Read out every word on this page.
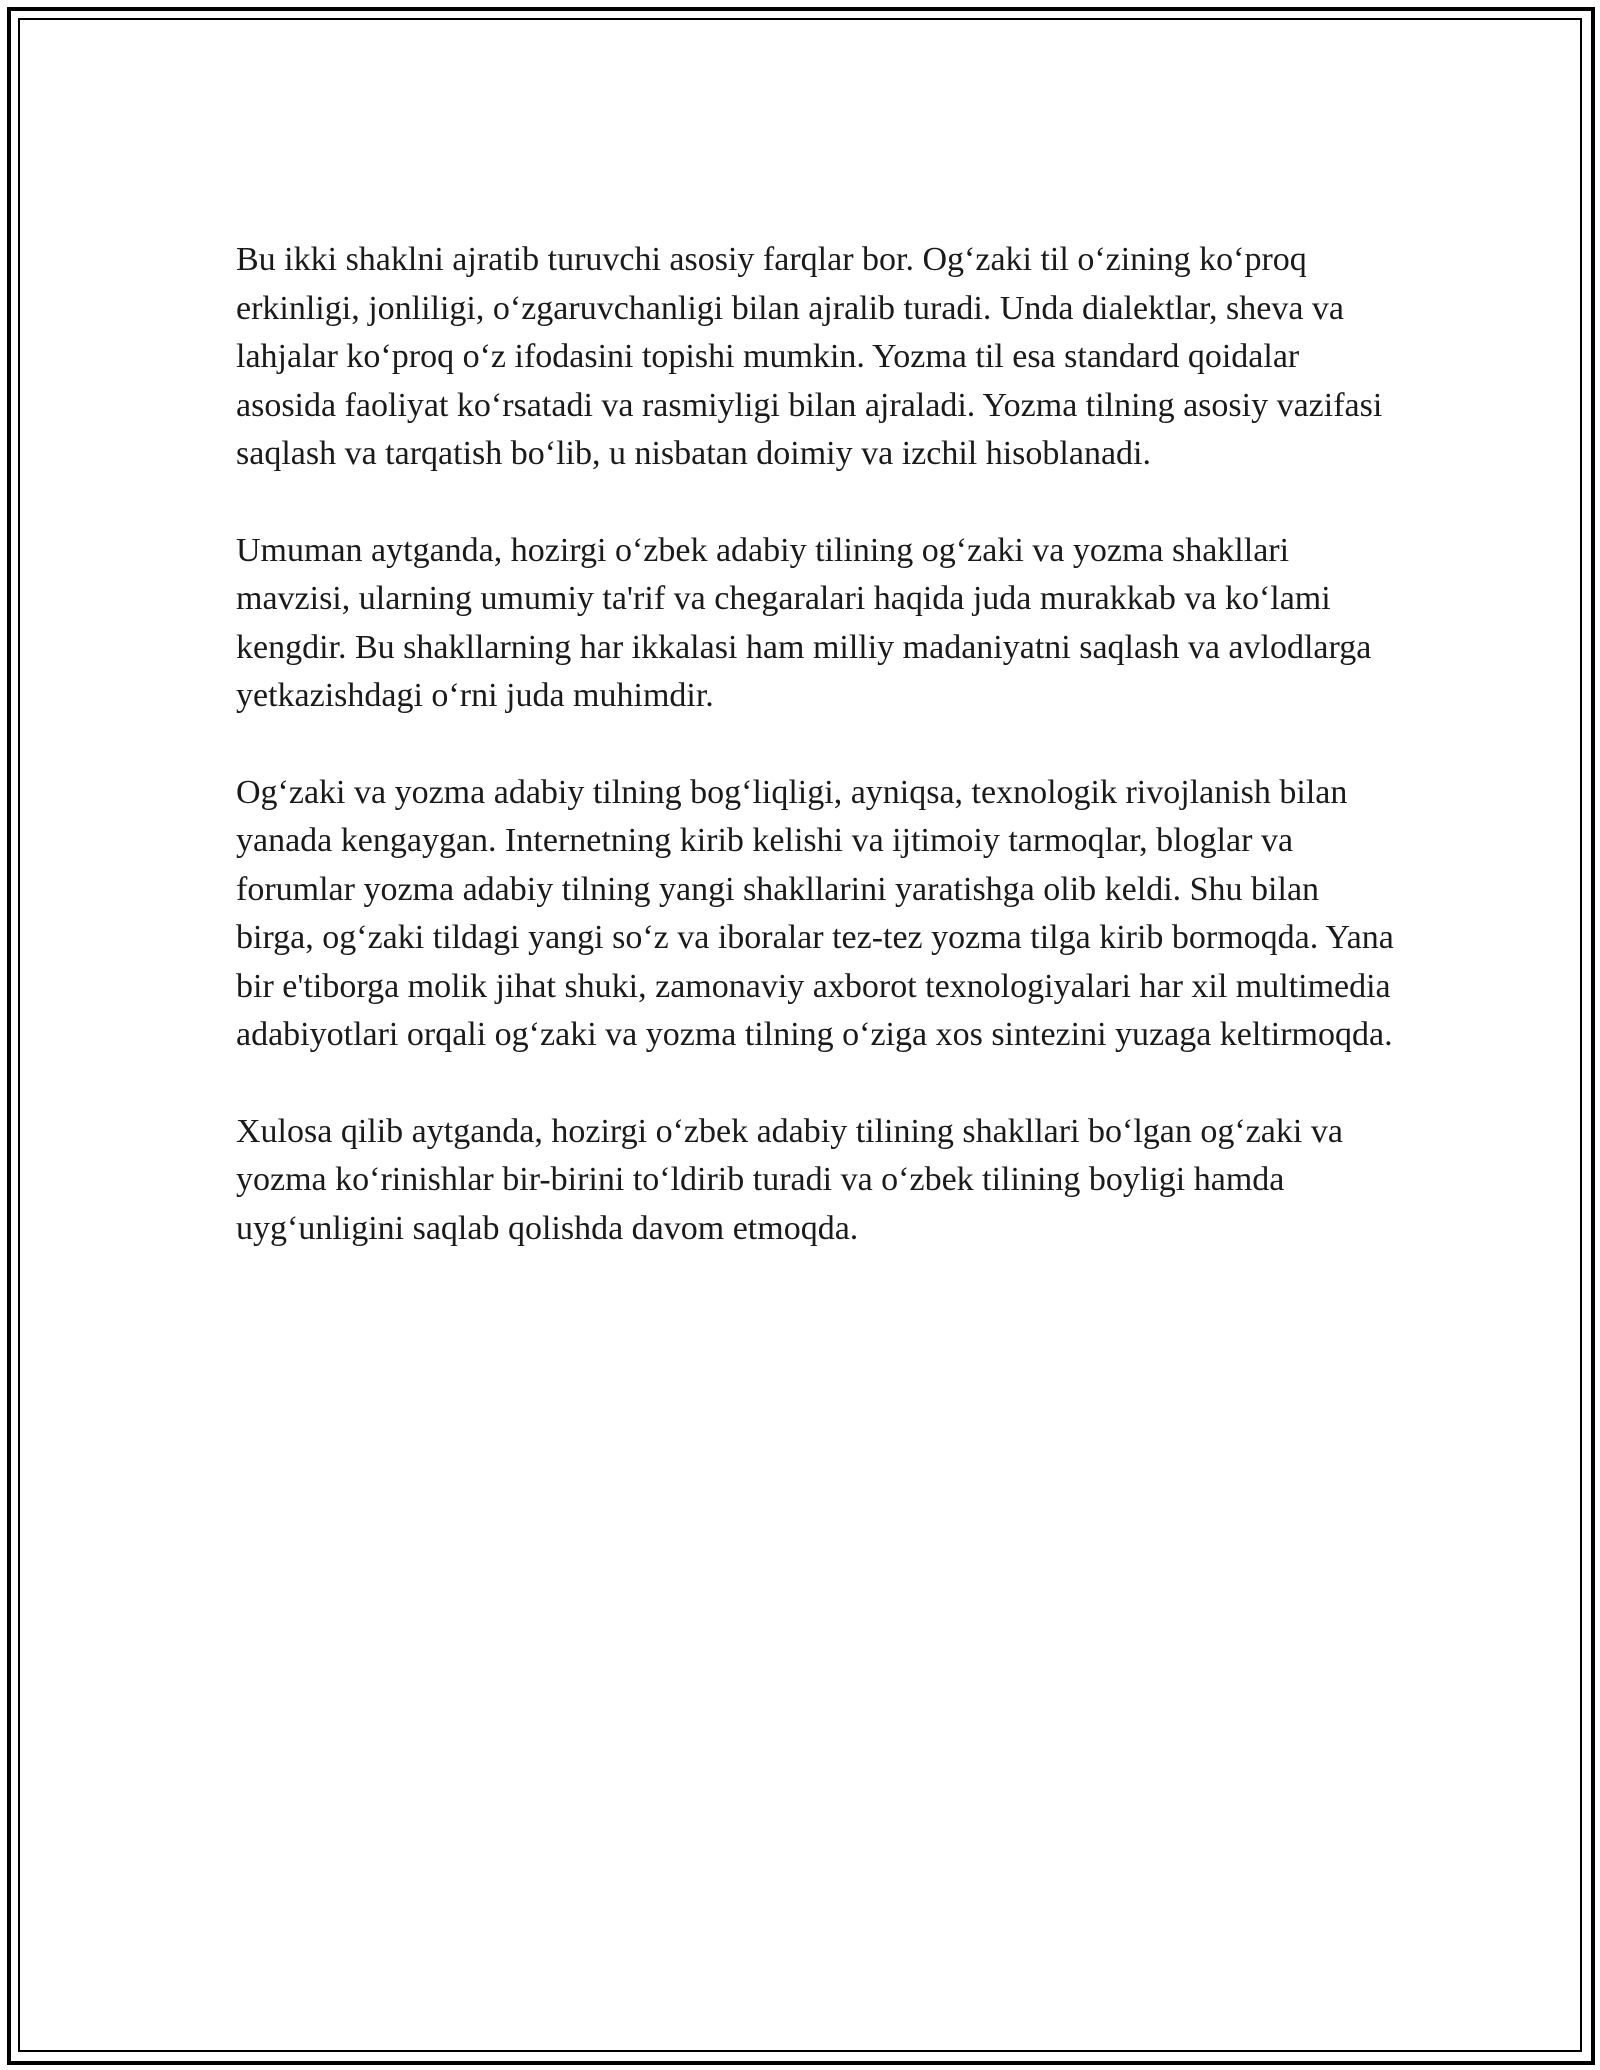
Bu ikki shaklni ajratib turuvchi asosiy farqlar bor. Og‘zaki til o‘zining ko‘proq erkinligi, jonliligi, o‘zgaruvchanligi bilan ajralib turadi. Unda dialektlar, sheva va lahjalar ko‘proq o‘z ifodasini topishi mumkin. Yozma til esa standard qoidalar asosida faoliyat ko‘rsatadi va rasmiyligi bilan ajraladi. Yozma tilning asosiy vazifasi saqlash va tarqatish bo‘lib, u nisbatan doimiy va izchil hisoblanadi.

Umuman aytganda, hozirgi o‘zbek adabiy tilining og‘zaki va yozma shakllari mavzisi, ularning umumiy ta'rif va chegaralari haqida juda murakkab va ko‘lami kengdir. Bu shakllarning har ikkalasi ham milliy madaniyatni saqlash va avlodlarga yetkazishdagi o‘rni juda muhimdir.

Og‘zaki va yozma adabiy tilning bog‘liqligi, ayniqsa, texnologik rivojlanish bilan yanada kengaygan. Internetning kirib kelishi va ijtimoiy tarmoqlar, bloglar va forumlar yozma adabiy tilning yangi shakllarini yaratishga olib keldi. Shu bilan birga, og‘zaki tildagi yangi so‘z va iboralar tez-tez yozma tilga kirib bormoqda. Yana bir e'tiborga molik jihat shuki, zamonaviy axborot texnologiyalari har xil multimedia adabiyotlari orqali og‘zaki va yozma tilning o‘ziga xos sintezini yuzaga keltirmoqda.

Xulosa qilib aytganda, hozirgi o‘zbek adabiy tilining shakllari bo‘lgan og‘zaki va yozma ko‘rinishlar bir-birini to‘ldirib turadi va o‘zbek tilining boyligi hamda uyg‘unligini saqlab qolishda davom etmoqda.
